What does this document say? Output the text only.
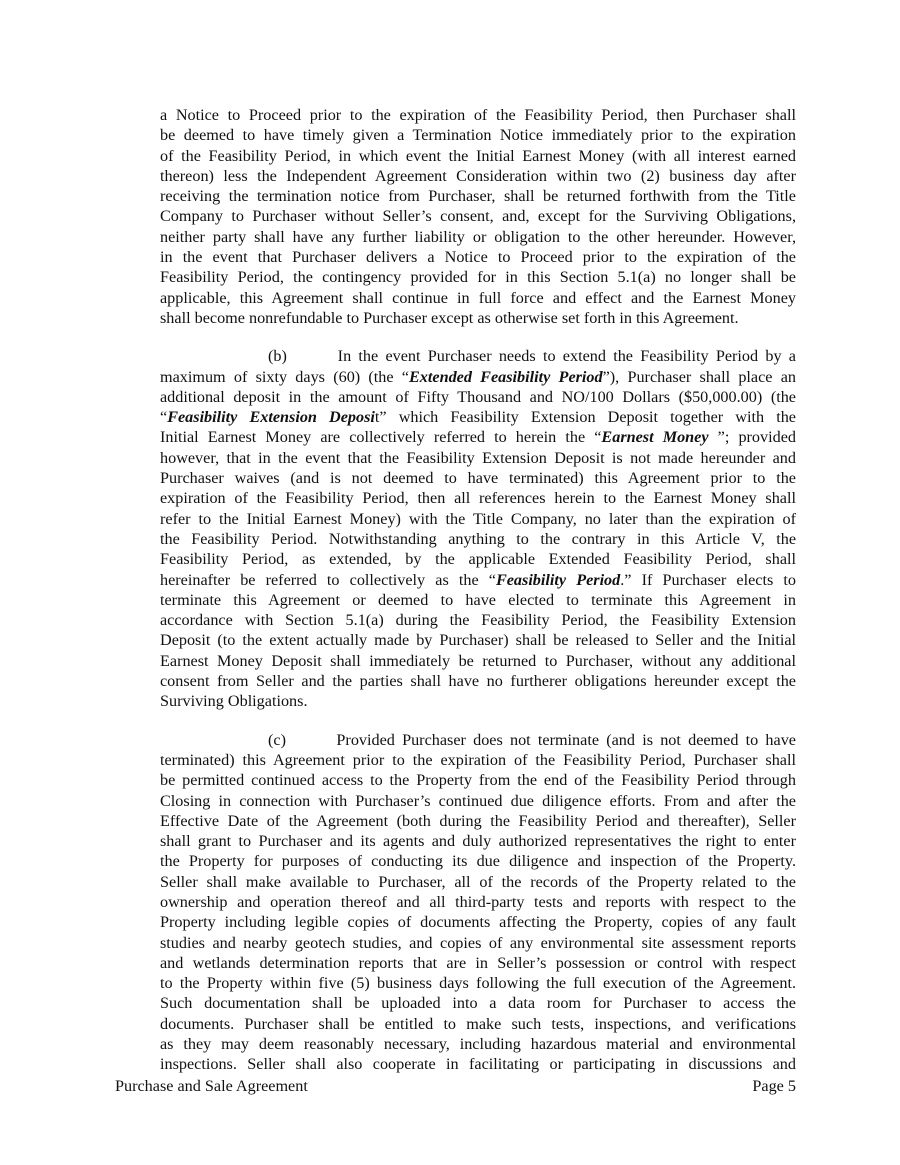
a Notice to Proceed prior to the expiration of the Feasibility Period, then Purchaser shall
be deemed to have timely given a Termination Notice immediately prior to the expiration
of the Feasibility Period, in which event the Initial Earnest Money (with all interest earned
thereon) less the Independent Agreement Consideration within two (2) business day after
receiving the termination notice from Purchaser, shall be returned forthwith from the Title
Company to Purchaser without Seller’s consent, and, except for the Surviving Obligations,
neither party shall have any further liability or obligation to the other hereunder. However,
in the event that Purchaser delivers a Notice to Proceed prior to the expiration of the
Feasibility Period, the contingency provided for in this Section 5.1(a) no longer shall be
applicable, this Agreement shall continue in full force and effect and the Earnest Money
shall become nonrefundable to Purchaser except as otherwise set forth in this Agreement.
(b)       In the event Purchaser needs to extend the Feasibility Period by a
maximum of sixty days (60) (the “Extended Feasibility Period”), Purchaser shall place an
additional deposit in the amount of Fifty Thousand and NO/100 Dollars ($50,000.00) (the
“Feasibility Extension Deposit” which Feasibility Extension Deposit together with the
Initial Earnest Money are collectively referred to herein the “Earnest Money ”; provided
however, that in the event that the Feasibility Extension Deposit is not made hereunder and
Purchaser waives (and is not deemed to have terminated) this Agreement prior to the
expiration of the Feasibility Period, then all references herein to the Earnest Money shall
refer to the Initial Earnest Money) with the Title Company, no later than the expiration of
the Feasibility Period. Notwithstanding anything to the contrary in this Article V, the
Feasibility Period, as extended, by the applicable Extended Feasibility Period, shall
hereinafter be referred to collectively as the “Feasibility Period.” If Purchaser elects to
terminate this Agreement or deemed to have elected to terminate this Agreement in
accordance with Section 5.1(a) during the Feasibility Period, the Feasibility Extension
Deposit (to the extent actually made by Purchaser) shall be released to Seller and the Initial
Earnest Money Deposit shall immediately be returned to Purchaser, without any additional
consent from Seller and the parties shall have no furtherer obligations hereunder except the
Surviving Obligations.
(c)       Provided Purchaser does not terminate (and is not deemed to have
terminated) this Agreement prior to the expiration of the Feasibility Period, Purchaser shall
be permitted continued access to the Property from the end of the Feasibility Period through
Closing in connection with Purchaser’s continued due diligence efforts. From and after the
Effective Date of the Agreement (both during the Feasibility Period and thereafter), Seller
shall grant to Purchaser and its agents and duly authorized representatives the right to enter
the Property for purposes of conducting its due diligence and inspection of the Property.
Seller shall make available to Purchaser, all of the records of the Property related to the
ownership and operation thereof and all third-party tests and reports with respect to the
Property including legible copies of documents affecting the Property, copies of any fault
studies and nearby geotech studies, and copies of any environmental site assessment reports
and wetlands determination reports that are in Seller’s possession or control with respect
to the Property within five (5) business days following the full execution of the Agreement.
Such documentation shall be uploaded into a data room for Purchaser to access the
documents. Purchaser shall be entitled to make such tests, inspections, and verifications
as they may deem reasonably necessary, including hazardous material and environmental
inspections. Seller shall also cooperate in facilitating or participating in discussions and
Purchase and Sale Agreement	Page 5
